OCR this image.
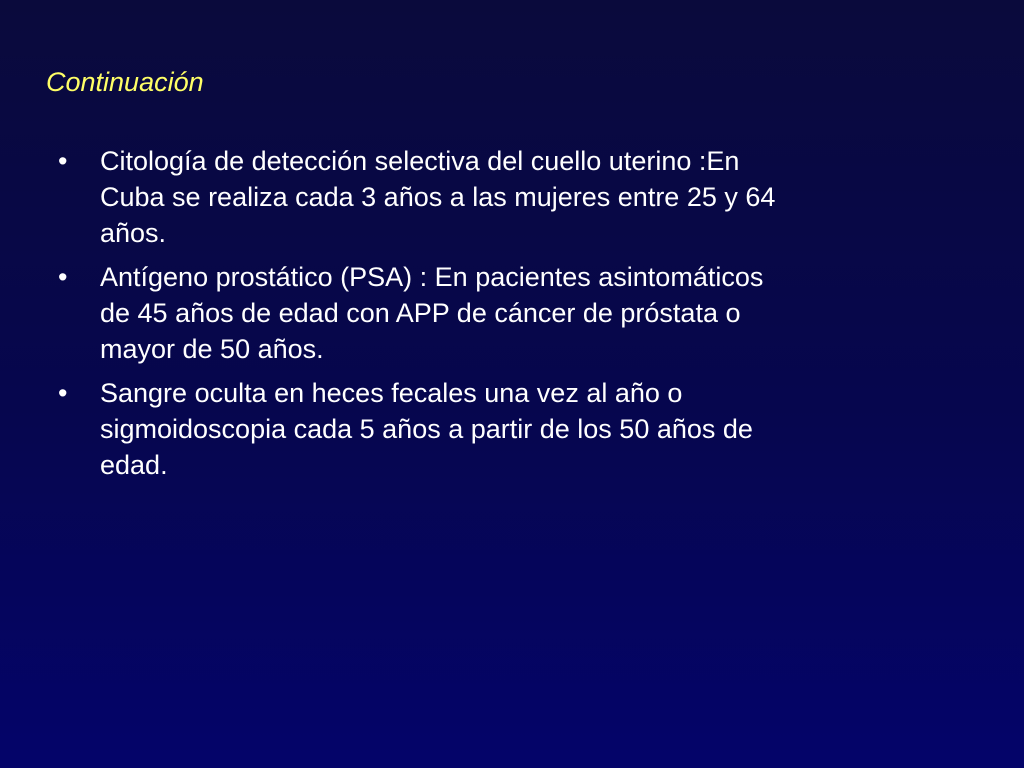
Continuación
•	Citología de detección selectiva del cuello uterino :En
Cuba se realiza cada 3 años a las mujeres entre 25 y 64
años.
•	Antígeno prostático (PSA) : En pacientes asintomáticos
de 45 años de edad con APP de cáncer de próstata o
mayor de 50 años.
•	Sangre oculta en heces fecales una vez al año o
sigmoidoscopia cada 5 años a partir de los 50 años de
edad.
